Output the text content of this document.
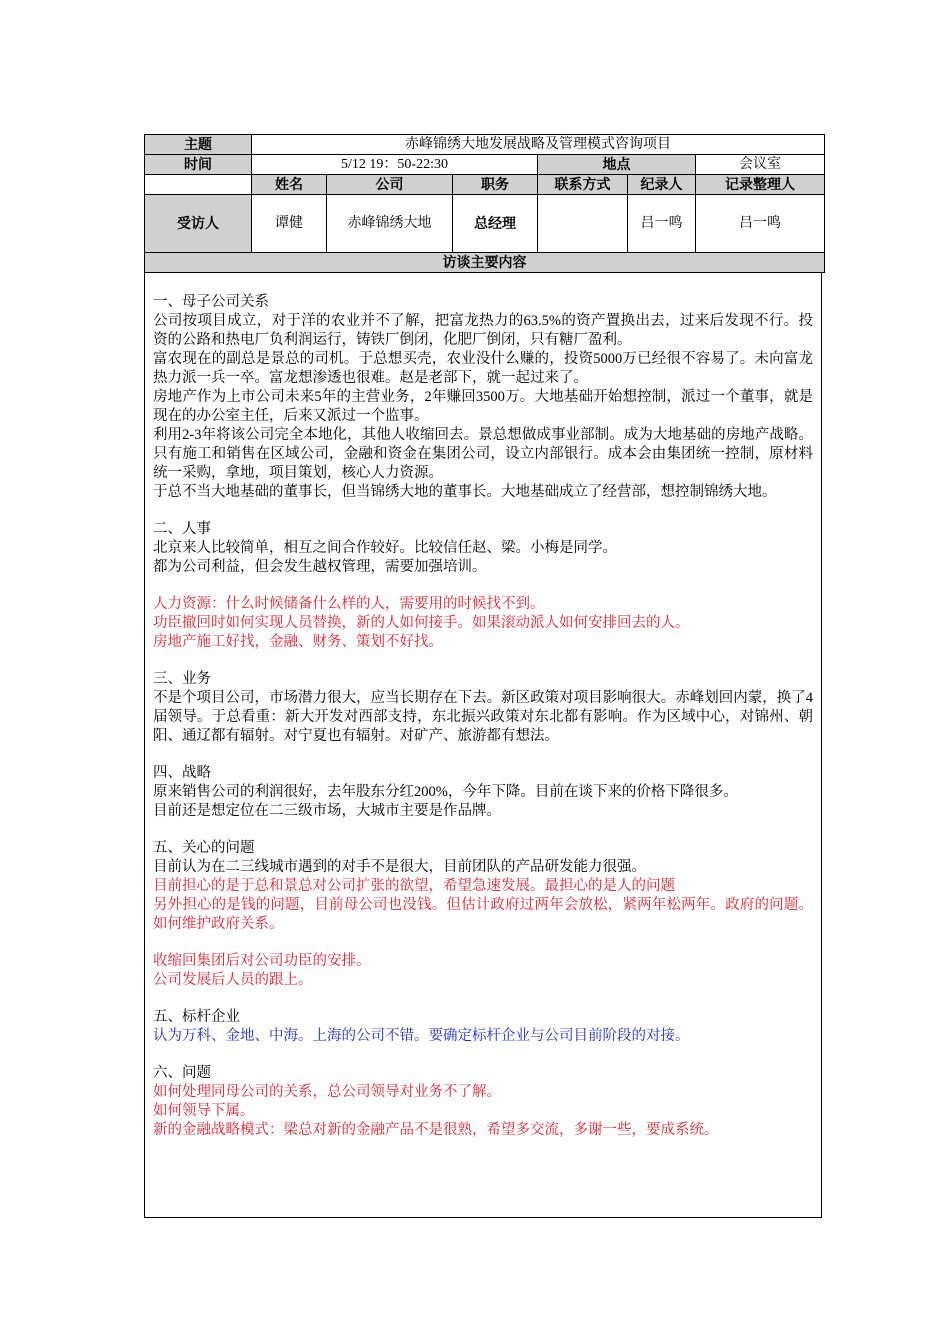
主题	赤峰锦绣大地发展战略及管理模式咨询项目					
时间	5/12 19：50-22:30			地点		会议室
	姓名	公司	职务	联系方式	纪录人	记录整理人
受访人	谭健	赤峰锦绣大地	总经理		吕一鸣	吕一鸣
访谈主要内容						

一、母子公司关系

公司按项目成立，对于洋的农业并不了解，把富龙热力的63.5%的资产置换出去，过来后发现不行。投资的公路和热电厂负利润运行，铸铁厂倒闭，化肥厂倒闭，只有糖厂盈利。

富农现在的副总是景总的司机。于总想买壳，农业没什么赚的，投资5000万已经很不容易了。未向富龙热力派一兵一卒。富龙想渗透也很难。赵是老部下，就一起过来了。

房地产作为上市公司未来5年的主营业务，2年赚回3500万。大地基础开始想控制，派过一个董事，就是现在的办公室主任，后来又派过一个监事。

利用2-3年将该公司完全本地化，其他人收缩回去。景总想做成事业部制。成为大地基础的房地产战略。只有施工和销售在区域公司，金融和资金在集团公司，设立内部银行。成本会由集团统一控制，原材料统一采购，拿地，项目策划，核心人力资源。

于总不当大地基础的董事长，但当锦绣大地的董事长。大地基础成立了经营部，想控制锦绣大地。

二、人事

北京来人比较简单，相互之间合作较好。比较信任赵、梁。小梅是同学。

都为公司利益，但会发生越权管理，需要加强培训。

人力资源：什么时候储备什么样的人，需要用的时候找不到。

功臣撤回时如何实现人员替换，新的人如何接手。如果滚动派人如何安排回去的人。

房地产施工好找，金融、财务、策划不好找。

三、业务

不是个项目公司，市场潜力很大，应当长期存在下去。新区政策对项目影响很大。赤峰划回内蒙，换了4届领导。于总看重：新大开发对西部支持，东北振兴政策对东北都有影响。作为区域中心，对锦州、朝阳、通辽都有辐射。对宁夏也有辐射。对矿产、旅游都有想法。

四、战略

原来销售公司的利润很好，去年股东分红200%，今年下降。目前在谈下来的价格下降很多。

目前还是想定位在二三级市场，大城市主要是作品牌。

五、关心的问题

目前认为在二三线城市遇到的对手不是很大，目前团队的产品研发能力很强。

目前担心的是于总和景总对公司扩张的欲望，希望急速发展。最担心的是人的问题

另外担心的是钱的问题，目前母公司也没钱。但估计政府过两年会放松，紧两年松两年。政府的问题。如何维护政府关系。

收缩回集团后对公司功臣的安排。

公司发展后人员的跟上。

五、标杆企业

认为万科、金地、中海。上海的公司不错。要确定标杆企业与公司目前阶段的对接。

六、问题

如何处理同母公司的关系，总公司领导对业务不了解。

如何领导下属。

新的金融战略模式：梁总对新的金融产品不是很熟，希望多交流，多谢一些，要成系统。
